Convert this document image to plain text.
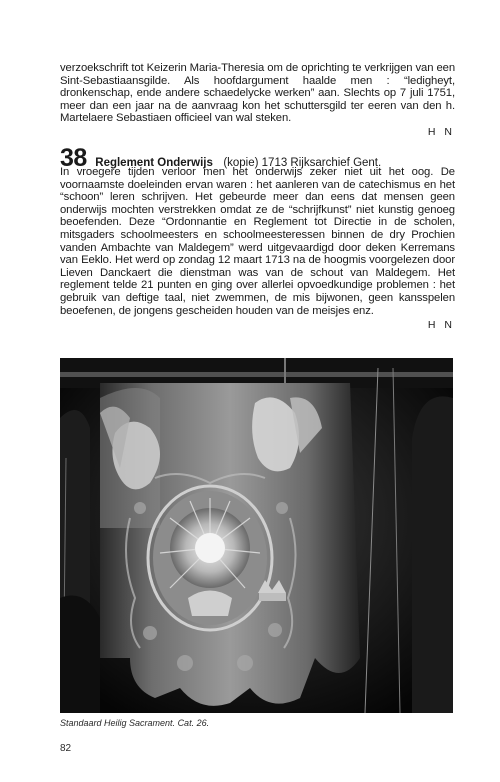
verzoekschrift tot Keizerin Maria-Theresia om de oprichting te verkrijgen van een Sint-Sebastiaansgilde. Als hoofdargument haalde men : “ledigheyt, dronkenschap, ende andere schaedelycke werken” aan. Slechts op 7 juli 1751, meer dan een jaar na de aanvraag kon het schuttersgild ter eeren van den h. Martelaere Sebastiaen officieel van wal steken.

H N

38 Reglement Onderwijs (kopie) 1713 Rijksarchief Gent.

In vroegere tijden verloor men het onderwijs zeker niet uit het oog. De voornaamste doeleinden ervan waren : het aanleren van de catechismus en het “schoon” leren schrijven. Het gebeurde meer dan eens dat mensen geen onderwijs mochten verstrekken omdat ze de “schrijfkunst” niet kunstig genoeg beoefenden. Deze “Ordonnantie en Reglement tot Directie in de scholen, mitsgaders schoolmeesters en schoolmeesteressen binnen de dry Prochien vanden Ambachte van Maldegem” werd uitgevaardigd door deken Kerremans van Eeklo. Het werd op zondag 12 maart 1713 na de hoogmis voorgelezen door Lieven Danckaert die dienstman was van de schout van Maldegem. Het reglement telde 21 punten en ging over allerlei opvoedkundige problemen : het gebruik van deftige taal, niet zwemmen, de mis bijwonen, geen kansspelen beoefenen, de jongens gescheiden houden van de meisjes enz.

H N

Standaard Heilig Sacrament. Cat. 26.
82
